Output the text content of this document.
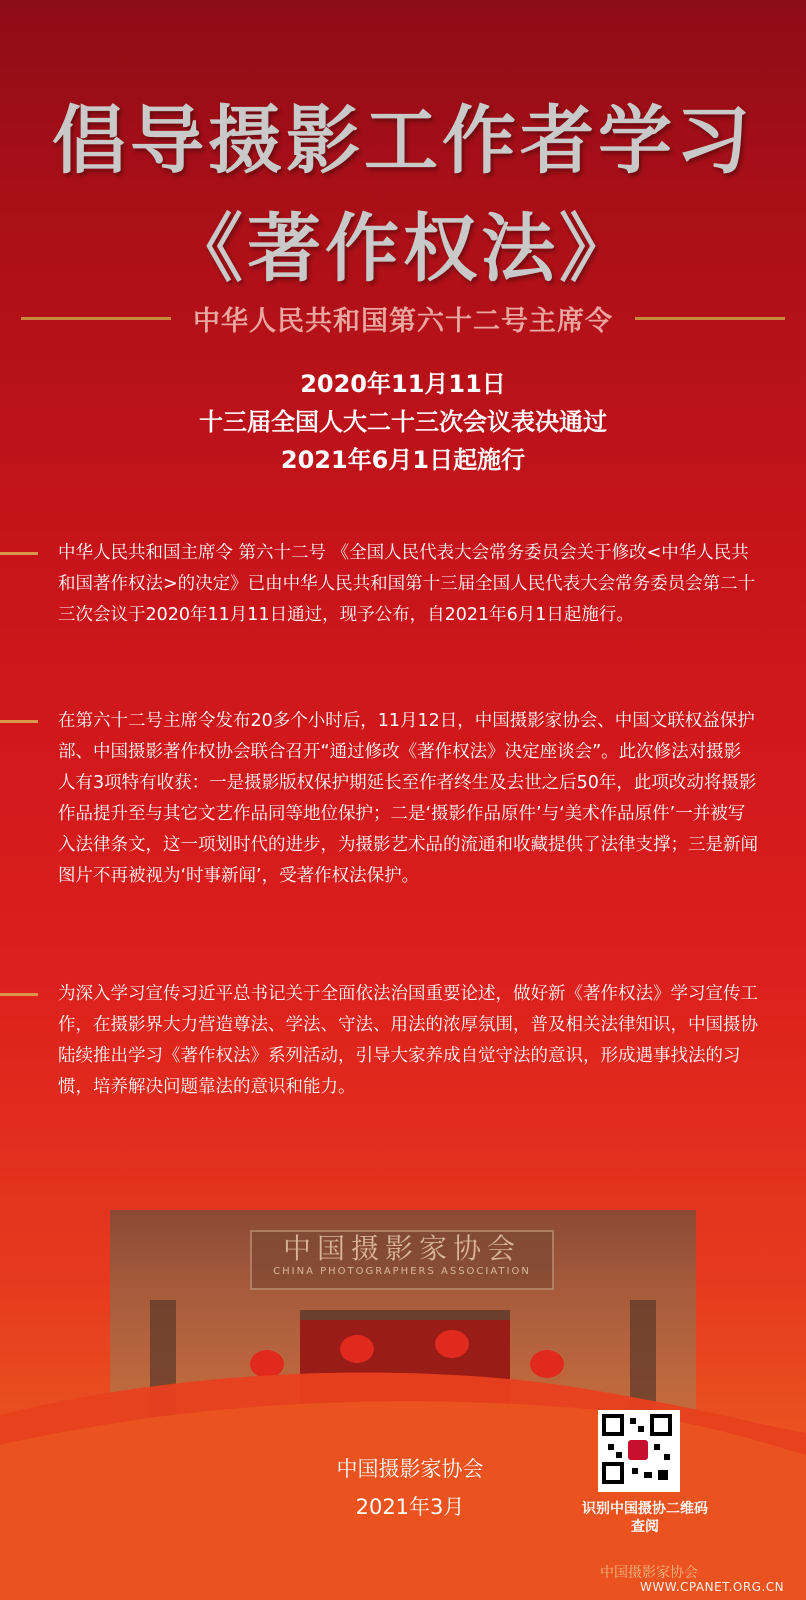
倡导摄影工作者学习
《著作权法》
中华人民共和国第六十二号主席令
2020年11月11日
十三届全国人大二十三次会议表决通过
2021年6月1日起施行
中华人民共和国主席令 第六十二号 《全国人民代表大会常务委员会关于修改<中华人民共和国著作权法>的决定》已由中华人民共和国第十三届全国人民代表大会常务委员会第二十三次会议于2020年11月11日通过，现予公布，自2021年6月1日起施行。
在第六十二号主席令发布20多个小时后，11月12日，中国摄影家协会、中国文联权益保护部、中国摄影著作权协会联合召开“通过修改《著作权法》决定座谈会”。此次修法对摄影人有3项特有收获：一是摄影版权保护期延长至作者终生及去世之后50年，此项改动将摄影作品提升至与其它文艺作品同等地位保护；二是‘摄影作品原件’与‘美术作品原件’一并被写入法律条文，这一项划时代的进步，为摄影艺术品的流通和收藏提供了法律支撑；三是新闻图片不再被视为‘时事新闻’，受著作权法保护。
为深入学习宣传习近平总书记关于全面依法治国重要论述，做好新《著作权法》学习宣传工作，在摄影界大力营造尊法、学法、守法、用法的浓厚氛围，普及相关法律知识，中国摄协陆续推出学习《著作权法》系列活动，引导大家养成自觉守法的意识，形成遇事找法的习惯，培养解决问题靠法的意识和能力。
中国摄影家协会
CHINA PHOTOGRAPHERS ASSOCIATION
中国摄影家协会
2021年3月	识别中国摄协二维码查阅
中国摄影家协会
WWW.CPANET.ORG.CN
